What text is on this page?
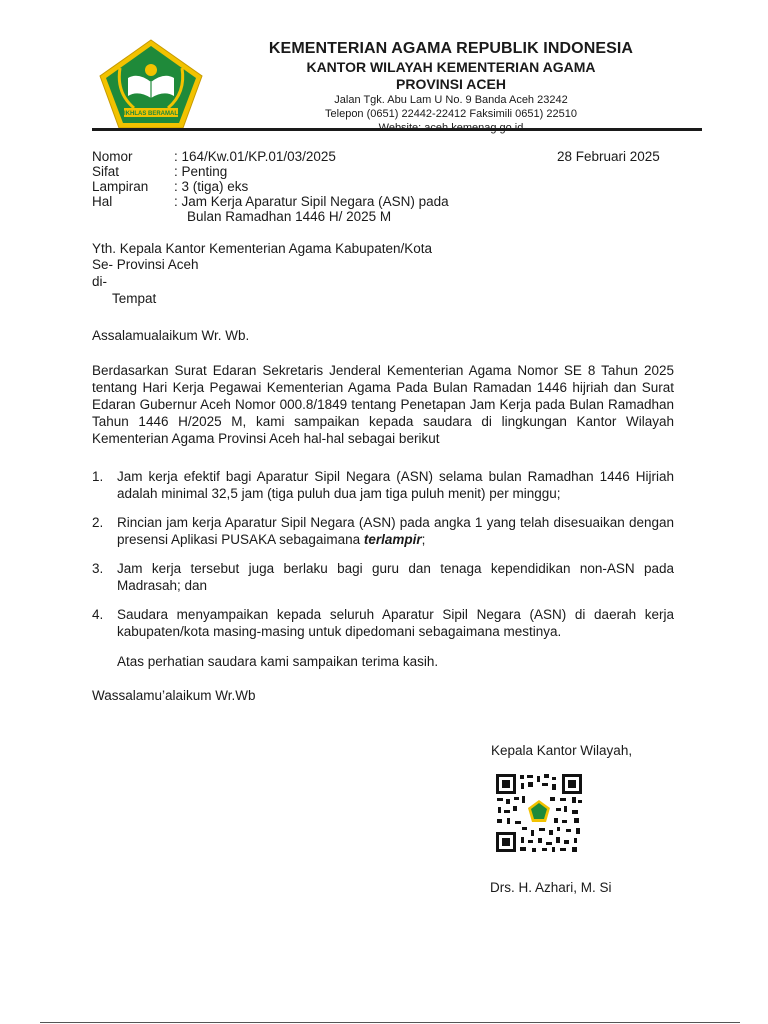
IKHLAS BERAMAL
KEMENTERIAN AGAMA REPUBLIK INDONESIA
KANTOR WILAYAH KEMENTERIAN AGAMA
PROVINSI ACEH
Jalan Tgk. Abu Lam U No. 9 Banda Aceh 23242
Telepon (0651) 22442-22412 Faksimili 0651) 22510
Nomor	: 164/Kw.01/KP.01/03/2025	28 Februari 2025
Sifat	: Penting
Lampiran : 3 (tiga) eks
Hal	: Jam Kerja Aparatur Sipil Negara (ASN) pada
Bulan Ramadhan 1446 H/ 2025 M
Yth. Kepala Kantor Kementerian Agama Kabupaten/Kota
Se- Provinsi Aceh
di-
Tempat
Assalamualaikum Wr. Wb.
Berdasarkan Surat Edaran Sekretaris Jenderal Kementerian Agama Nomor SE 8 Tahun 2025 tentang Hari Kerja Pegawai Kementerian Agama Pada Bulan Ramadan 1446 hijriah dan Surat Edaran Gubernur Aceh Nomor 000.8/1849 tentang Penetapan Jam Kerja pada Bulan Ramadhan Tahun 1446 H/2025 M, kami sampaikan kepada saudara di lingkungan Kantor Wilayah Kementerian Agama Provinsi Aceh hal-hal sebagai berikut
1. Jam kerja efektif bagi Aparatur Sipil Negara (ASN) selama bulan Ramadhan 1446 Hijriah adalah minimal 32,5 jam (tiga puluh dua jam tiga puluh menit) per minggu;
2. Rincian jam kerja Aparatur Sipil Negara (ASN) pada angka 1 yang telah disesuaikan dengan presensi Aplikasi PUSAKA sebagaimana terlampir;
3. Jam kerja tersebut juga berlaku bagi guru dan tenaga kependidikan non-ASN pada Madrasah; dan
4. Saudara menyampaikan kepada seluruh Aparatur Sipil Negara (ASN) di daerah kerja kabupaten/kota masing-masing untuk dipedomani sebagaimana mestinya.
Atas perhatian saudara kami sampaikan terima kasih.
Wassalamu’alaikum Wr.Wb
Kepala Kantor Wilayah,
Drs. H. Azhari, M. Si
